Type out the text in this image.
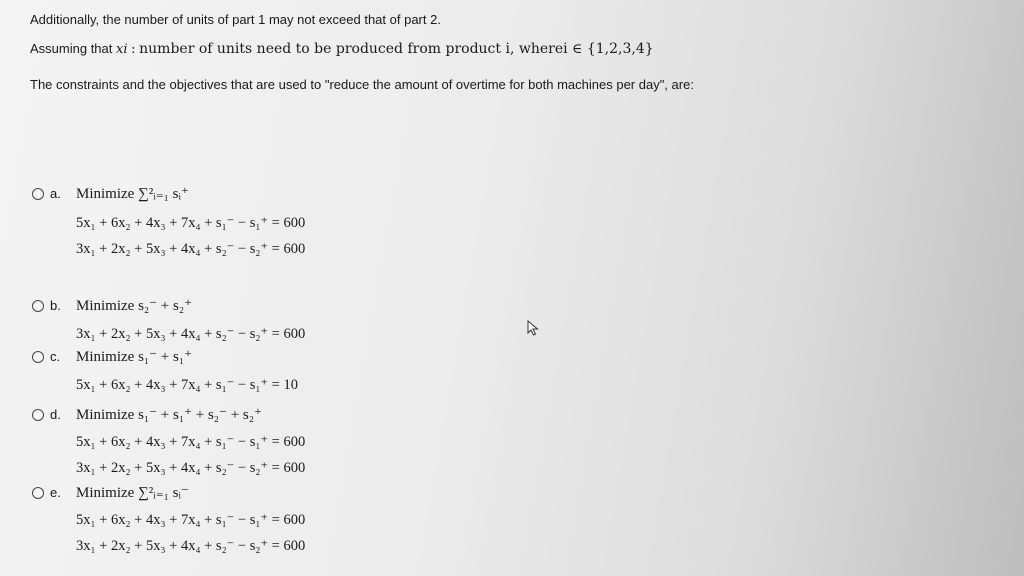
Additionally, the number of units of part 1 may not exceed that of part 2.
Assuming that xi : number of units need to be produced from product i, wherei ∈ {1,2,3,4}
The constraints and the objectives that are used to "reduce the amount of overtime for both machines per day", are:
a. Minimize ∑²ᵢ₌₁ sᵢ⁺
5x₁ + 6x₂ + 4x₃ + 7x₄ + s₁⁻ − s₁⁺ = 600
3x₁ + 2x₂ + 5x₃ + 4x₄ + s₂⁻ − s₂⁺ = 600
b. Minimize s₂⁻ + s₂⁺
3x₁ + 2x₂ + 5x₃ + 4x₄ + s₂⁻ − s₂⁺ = 600
c. Minimize s₁⁻ + s₁⁺
5x₁ + 6x₂ + 4x₃ + 7x₄ + s₁⁻ − s₁⁺ = 10
d. Minimize s₁⁻ + s₁⁺ + s₂⁻ + s₂⁺
5x₁ + 6x₂ + 4x₃ + 7x₄ + s₁⁻ − s₁⁺ = 600
3x₁ + 2x₂ + 5x₃ + 4x₄ + s₂⁻ − s₂⁺ = 600
e. Minimize ∑²ᵢ₌₁ sᵢ⁻
5x₁ + 6x₂ + 4x₃ + 7x₄ + s₁⁻ − s₁⁺ = 600
3x₁ + 2x₂ + 5x₃ + 4x₄ + s₂⁻ − s₂⁺ = 600
